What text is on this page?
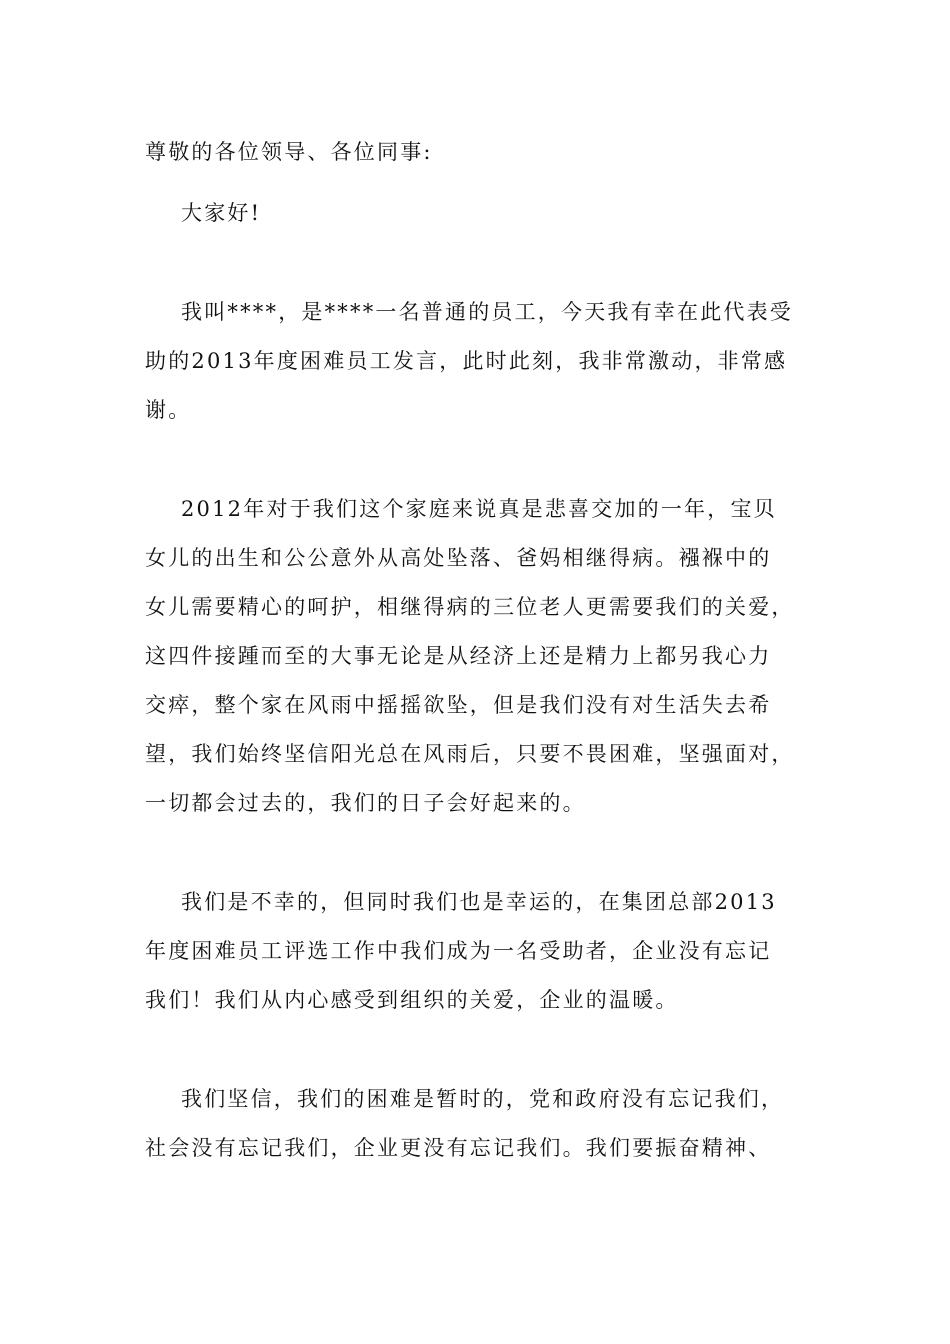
尊敬的各位领导、各位同事:

大家好!

我叫****，是****一名普通的员工，今天我有幸在此代表受

助的2013年度困难员工发言，此时此刻，我非常激动，非常感

谢。

2012年对于我们这个家庭来说真是悲喜交加的一年，宝贝

女儿的出生和公公意外从高处坠落、爸妈相继得病。襁褓中的

女儿需要精心的呵护，相继得病的三位老人更需要我们的关爱，

这四件接踵而至的大事无论是从经济上还是精力上都另我心力

交瘁，整个家在风雨中摇摇欲坠，但是我们没有对生活失去希

望，我们始终坚信阳光总在风雨后，只要不畏困难，坚强面对，

一切都会过去的，我们的日子会好起来的。

我们是不幸的，但同时我们也是幸运的，在集团总部2013

年度困难员工评选工作中我们成为一名受助者，企业没有忘记

我们！我们从内心感受到组织的关爱，企业的温暖。

我们坚信，我们的困难是暂时的，党和政府没有忘记我们，

社会没有忘记我们，企业更没有忘记我们。我们要振奋精神、
